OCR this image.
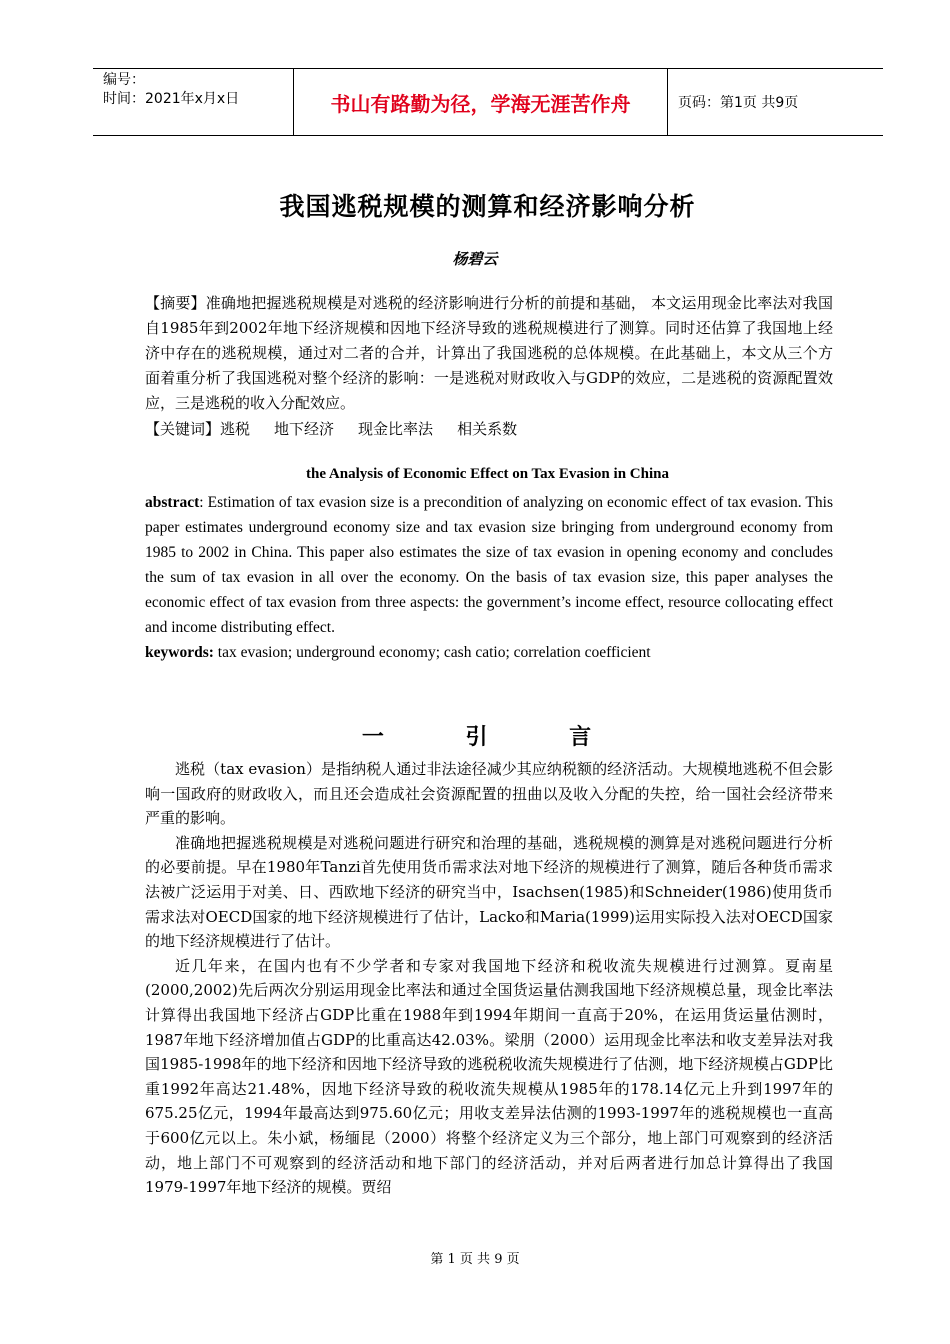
编号：
时间：2021年x月x日	书山有路勤为径，学海无涯苦作舟	页码：第1页 共9页
我国逃税规模的测算和经济影响分析
杨碧云
【摘要】准确地把握逃税规模是对逃税的经济影响进行分析的前提和基础， 本文运用现金比率法对我国自1985年到2002年地下经济规模和因地下经济导致的逃税规模进行了测算。同时还估算了我国地上经济中存在的逃税规模，通过对二者的合并，计算出了我国逃税的总体规模。在此基础上，本文从三个方面着重分析了我国逃税对整个经济的影响：一是逃税对财政收入与GDP的效应，二是逃税的资源配置效应，三是逃税的收入分配效应。
【关键词】逃税 地下经济 现金比率法 相关系数
the Analysis of Economic Effect on Tax Evasion in China
abstract: Estimation of tax evasion size is a precondition of analyzing on economic effect of tax evasion. This paper estimates underground economy size and tax evasion size bringing from underground economy from 1985 to 2002 in China. This paper also estimates the size of tax evasion in opening economy and concludes the sum of tax evasion in all over the economy. On the basis of tax evasion size, this paper analyses the economic effect of tax evasion from three aspects: the government’s income effect, resource collocating effect and income distributing effect.
keywords: tax evasion; underground economy; cash catio; correlation coefficient
一 引 言

逃税（tax evasion）是指纳税人通过非法途径减少其应纳税额的经济活动。大规模地逃税不但会影响一国政府的财政收入，而且还会造成社会资源配置的扭曲以及收入分配的失控，给一国社会经济带来严重的影响。

准确地把握逃税规模是对逃税问题进行研究和治理的基础，逃税规模的测算是对逃税问题进行分析的必要前提。早在1980年Tanzi首先使用货币需求法对地下经济的规模进行了测算，随后各种货币需求法被广泛运用于对美、日、西欧地下经济的研究当中，Isachsen(1985)和Schneider(1986)使用货币需求法对OECD国家的地下经济规模进行了估计，Lacko和Maria(1999)运用实际投入法对OECD国家的地下经济规模进行了估计。

近几年来，在国内也有不少学者和专家对我国地下经济和税收流失规模进行过测算。夏南星(2000,2002)先后两次分别运用现金比率法和通过全国货运量估测我国地下经济规模总量，现金比率法计算得出我国地下经济占GDP比重在1988年到1994年期间一直高于20%，在运用货运量估测时，1987年地下经济增加值占GDP的比重高达42.03%。梁朋（2000）运用现金比率法和收支差异法对我国1985-1998年的地下经济和因地下经济导致的逃税税收流失规模进行了估测，地下经济规模占GDP比重1992年高达21.48%，因地下经济导致的税收流失规模从1985年的178.14亿元上升到1997年的675.25亿元，1994年最高达到975.60亿元；用收支差异法估测的1993-1997年的逃税规模也一直高于600亿元以上。朱小斌，杨缅昆（2000）将整个经济定义为三个部分，地上部门可观察到的经济活动，地上部门不可观察到的经济活动和地下部门的经济活动，并对后两者进行加总计算得出了我国1979-1997年地下经济的规模。贾绍

第 1 页 共 9 页
